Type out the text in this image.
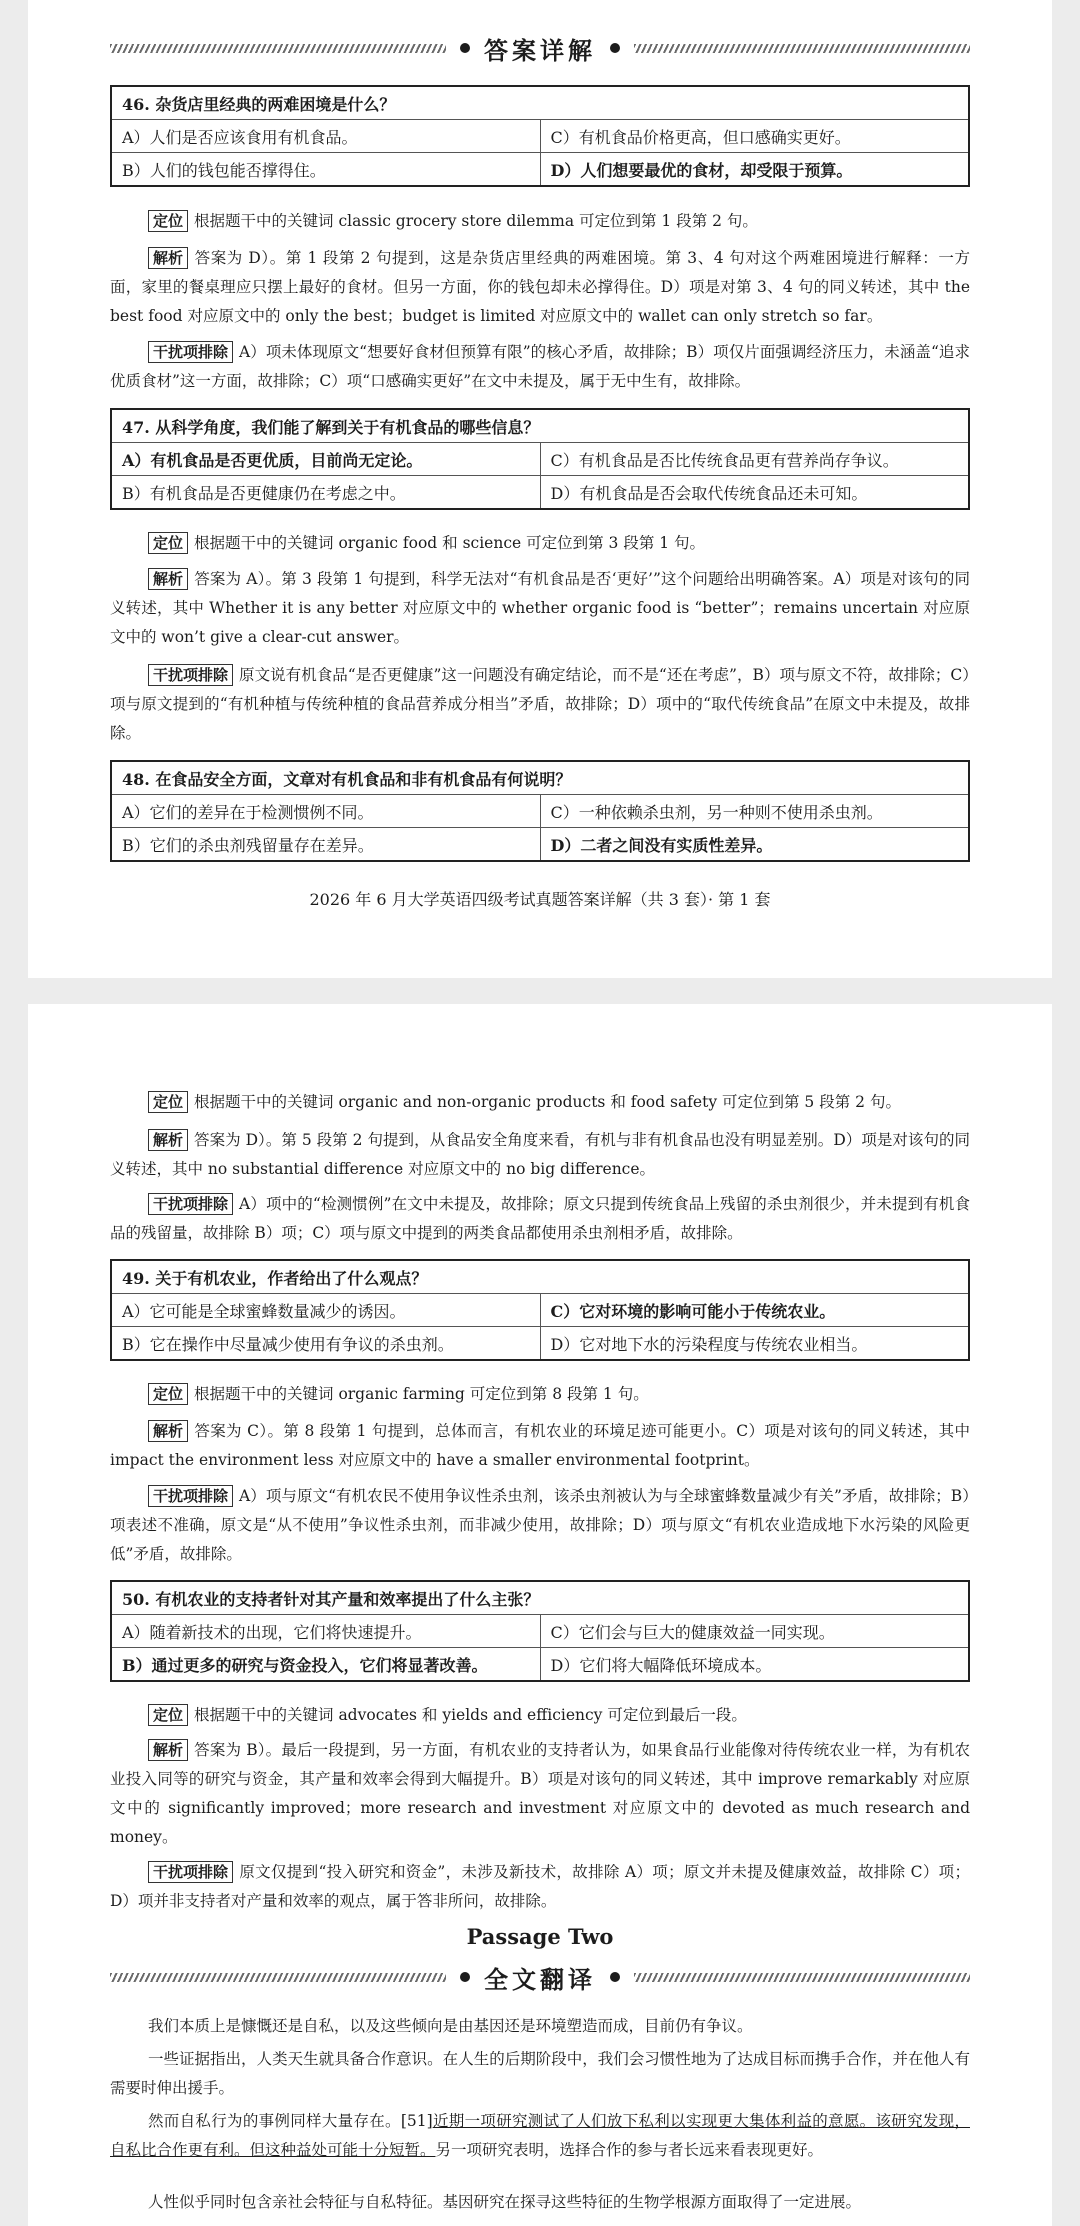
答案详解
46. 杂货店里经典的两难困境是什么？	
A）人们是否应该食用有机食品。	C）有机食品价格更高，但口感确实更好。
B）人们的钱包能否撑得住。	D）人们想要最优的食材，却受限于预算。
定位 根据题干中的关键词 classic grocery store dilemma 可定位到第 1 段第 2 句。
解析 答案为 D）。第 1 段第 2 句提到，这是杂货店里经典的两难困境。第 3、4 句对这个两难困境进行解释：一方面，家里的餐桌理应只摆上最好的食材。但另一方面，你的钱包却未必撑得住。D）项是对第 3、4 句的同义转述，其中 the best food 对应原文中的 only the best；budget is limited 对应原文中的 wallet can only stretch so far。
干扰项排除 A）项未体现原文“想要好食材但预算有限”的核心矛盾，故排除；B）项仅片面强调经济压力，未涵盖“追求优质食材”这一方面，故排除；C）项“口感确实更好”在文中未提及，属于无中生有，故排除。
47. 从科学角度，我们能了解到关于有机食品的哪些信息？	
A）有机食品是否更优质，目前尚无定论。	C）有机食品是否比传统食品更有营养尚存争议。
B）有机食品是否更健康仍在考虑之中。	D）有机食品是否会取代传统食品还未可知。
定位 根据题干中的关键词 organic food 和 science 可定位到第 3 段第 1 句。
解析 答案为 A）。第 3 段第 1 句提到，科学无法对“有机食品是否‘更好’”这个问题给出明确答案。A）项是对该句的同义转述，其中 Whether it is any better 对应原文中的 whether organic food is “better”；remains uncertain 对应原文中的 won’t give a clear-cut answer。
干扰项排除 原文说有机食品“是否更健康”这一问题没有确定结论，而不是“还在考虑”，B）项与原文不符，故排除；C）项与原文提到的“有机种植与传统种植的食品营养成分相当”矛盾，故排除；D）项中的“取代传统食品”在原文中未提及，故排除。
48. 在食品安全方面，文章对有机食品和非有机食品有何说明？	
A）它们的差异在于检测惯例不同。	C）一种依赖杀虫剂，另一种则不使用杀虫剂。
B）它们的杀虫剂残留量存在差异。	D）二者之间没有实质性差异。
2026 年 6 月大学英语四级考试真题答案详解（共 3 套）· 第 1 套
定位 根据题干中的关键词 organic and non-organic products 和 food safety 可定位到第 5 段第 2 句。
解析 答案为 D）。第 5 段第 2 句提到，从食品安全角度来看，有机与非有机食品也没有明显差别。D）项是对该句的同义转述，其中 no substantial difference 对应原文中的 no big difference。
干扰项排除 A）项中的“检测惯例”在文中未提及，故排除；原文只提到传统食品上残留的杀虫剂很少，并未提到有机食品的残留量，故排除 B）项；C）项与原文中提到的两类食品都使用杀虫剂相矛盾，故排除。
49. 关于有机农业，作者给出了什么观点？	
A）它可能是全球蜜蜂数量减少的诱因。	C）它对环境的影响可能小于传统农业。
B）它在操作中尽量减少使用有争议的杀虫剂。	D）它对地下水的污染程度与传统农业相当。
定位 根据题干中的关键词 organic farming 可定位到第 8 段第 1 句。
解析 答案为 C）。第 8 段第 1 句提到，总体而言，有机农业的环境足迹可能更小。C）项是对该句的同义转述，其中 impact the environment less 对应原文中的 have a smaller environmental footprint。
干扰项排除 A）项与原文“有机农民不使用争议性杀虫剂，该杀虫剂被认为与全球蜜蜂数量减少有关”矛盾，故排除；B）项表述不准确，原文是“从不使用”争议性杀虫剂，而非减少使用，故排除；D）项与原文“有机农业造成地下水污染的风险更低”矛盾，故排除。
50. 有机农业的支持者针对其产量和效率提出了什么主张？	
A）随着新技术的出现，它们将快速提升。	C）它们会与巨大的健康效益一同实现。
B）通过更多的研究与资金投入，它们将显著改善。	D）它们将大幅降低环境成本。
定位 根据题干中的关键词 advocates 和 yields and efficiency 可定位到最后一段。
解析 答案为 B）。最后一段提到，另一方面，有机农业的支持者认为，如果食品行业能像对待传统农业一样，为有机农业投入同等的研究与资金，其产量和效率会得到大幅提升。B）项是对该句的同义转述，其中 improve remarkably 对应原文中的 significantly improved；more research and investment 对应原文中的 devoted as much research and money。
干扰项排除 原文仅提到“投入研究和资金”，未涉及新技术，故排除 A）项；原文并未提及健康效益，故排除 C）项；D）项并非支持者对产量和效率的观点，属于答非所问，故排除。
Passage Two
全文翻译
我们本质上是慷慨还是自私，以及这些倾向是由基因还是环境塑造而成，目前仍有争议。
一些证据指出，人类天生就具备合作意识。在人生的后期阶段中，我们会习惯性地为了达成目标而携手合作，并在他人有需要时伸出援手。
然而自私行为的事例同样大量存在。[51]近期一项研究测试了人们放下私利以实现更大集体利益的意愿。该研究发现，自私比合作更有利。但这种益处可能十分短暂。另一项研究表明，选择合作的参与者长远来看表现更好。
人性似乎同时包含亲社会特征与自私特征。基因研究在探寻这些特征的生物学根源方面取得了一定进展。
